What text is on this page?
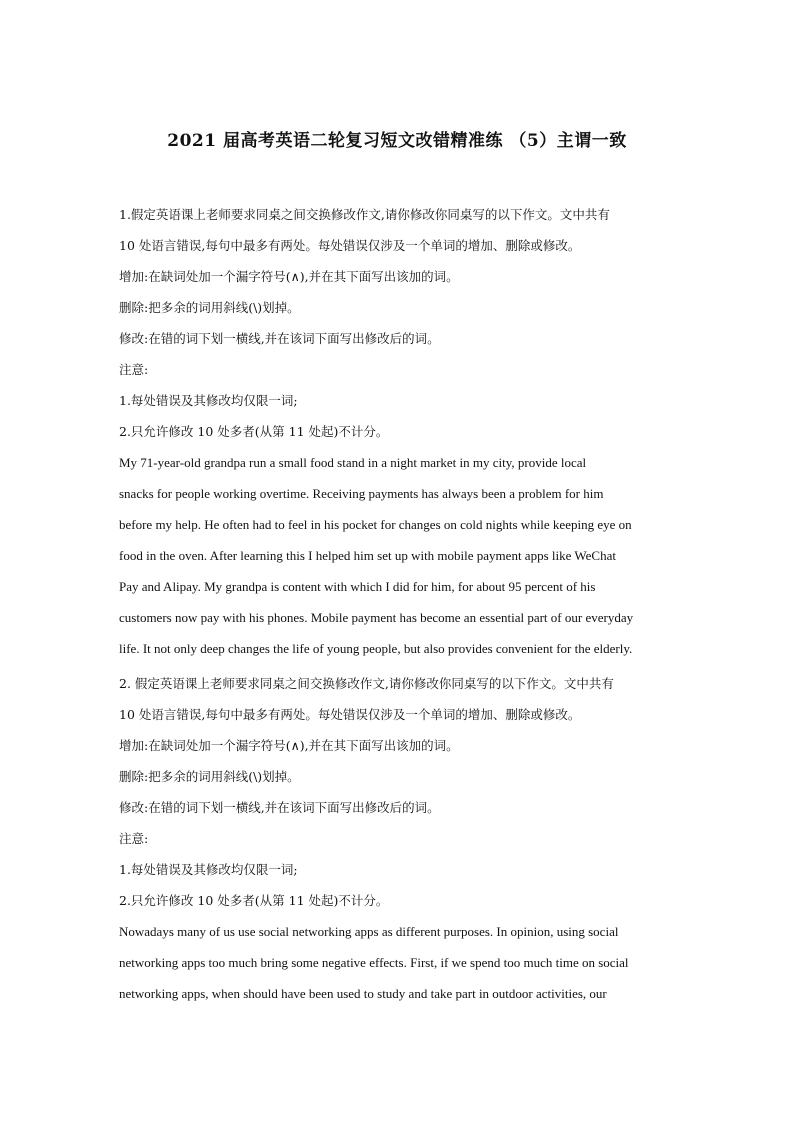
2021 届高考英语二轮复习短文改错精准练 （5）主谓一致
1.假定英语课上老师要求同桌之间交换修改作文,请你修改你同桌写的以下作文。文中共有
10 处语言错误,每句中最多有两处。每处错误仅涉及一个单词的增加、删除或修改。
增加:在缺词处加一个漏字符号(∧),并在其下面写出该加的词。
删除:把多余的词用斜线(\)划掉。
修改:在错的词下划一横线,并在该词下面写出修改后的词。
注意:
1.每处错误及其修改均仅限一词;
2.只允许修改 10 处多者(从第 11 处起)不计分。
My 71-year-old grandpa run a small food stand in a night market in my city, provide local
snacks for people working overtime. Receiving payments has always been a problem for him
before my help. He often had to feel in his pocket for changes on cold nights while keeping eye on
food in the oven. After learning this I helped him set up with mobile payment apps like WeChat
Pay and Alipay. My grandpa is content with which I did for him, for about 95 percent of his
customers now pay with his phones. Mobile payment has become an essential part of our everyday
life. It not only deep changes the life of young people, but also provides convenient for the elderly.
2. 假定英语课上老师要求同桌之间交换修改作文,请你修改你同桌写的以下作文。文中共有
10 处语言错误,每句中最多有两处。每处错误仅涉及一个单词的增加、删除或修改。
增加:在缺词处加一个漏字符号(∧),并在其下面写出该加的词。
删除:把多余的词用斜线(\)划掉。
修改:在错的词下划一横线,并在该词下面写出修改后的词。
注意:
1.每处错误及其修改均仅限一词;
2.只允许修改 10 处多者(从第 11 处起)不计分。
Nowadays many of us use social networking apps as different purposes. In opinion, using social
networking apps too much bring some negative effects. First, if we spend too much time on social
networking apps, when should have been used to study and take part in outdoor activities, our
